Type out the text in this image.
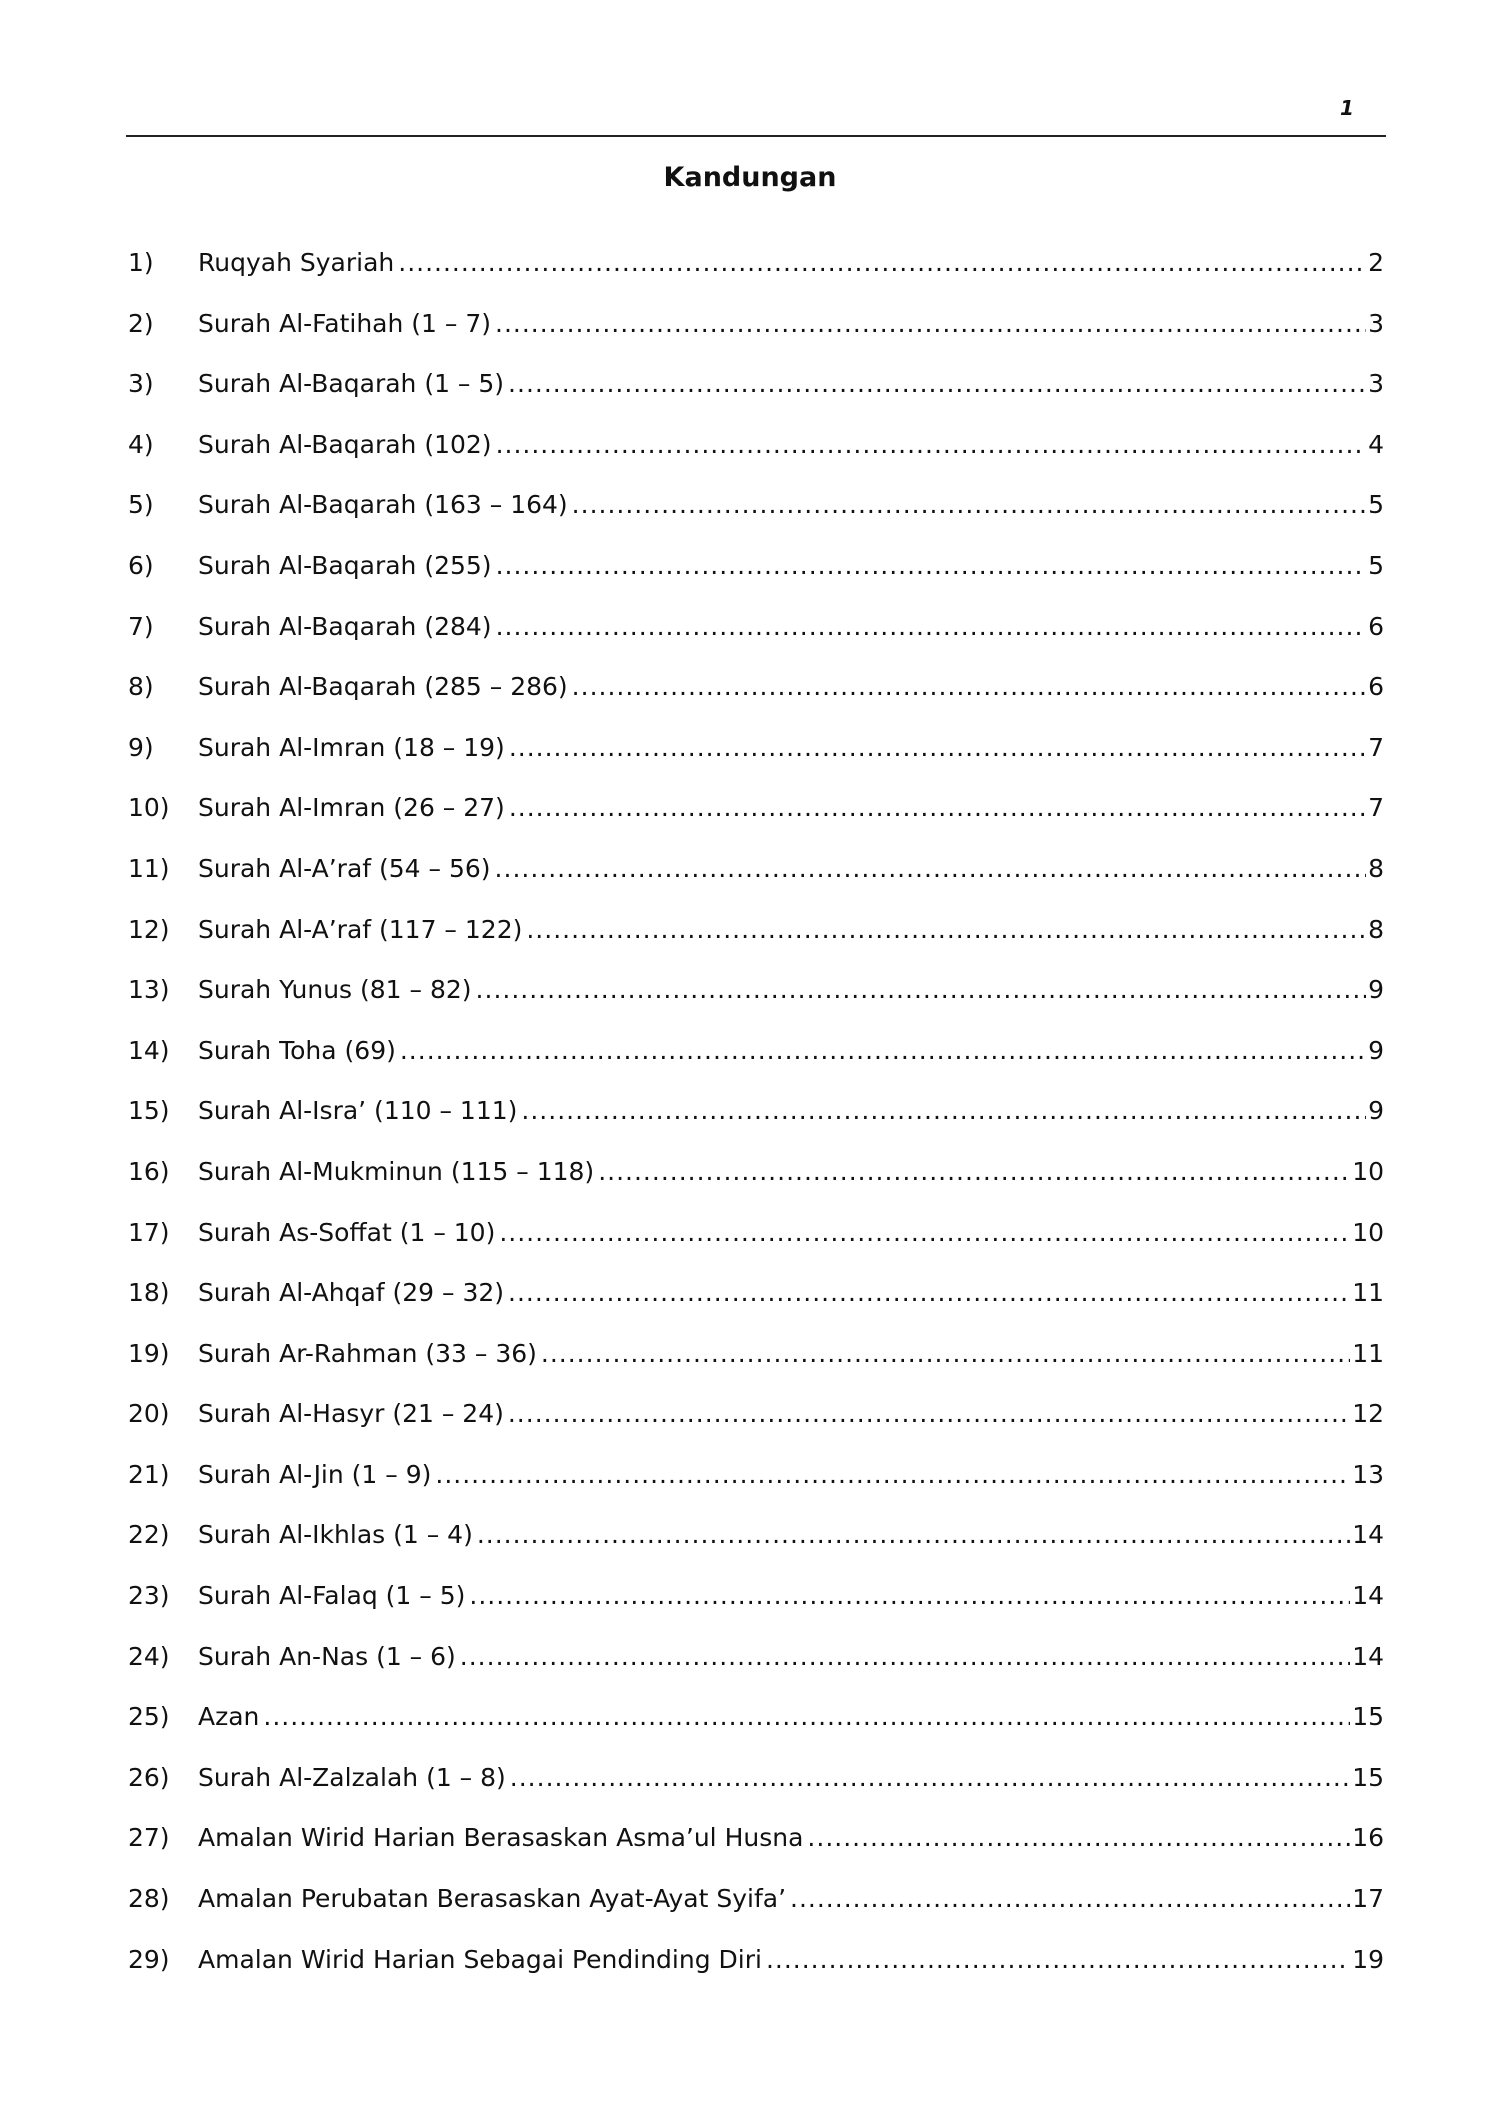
1
Kandungan
1)	Ruqyah Syariah .....	2
2)	Surah Al-Fatihah (1 – 7) .....	3
3)	Surah Al-Baqarah (1 – 5) .....	3
4)	Surah Al-Baqarah (102) .....	4
5)	Surah Al-Baqarah (163 – 164) .....	5
6)	Surah Al-Baqarah (255) .....	5
7)	Surah Al-Baqarah (284) .....	6
8)	Surah Al-Baqarah (285 – 286) .....	6
9)	Surah Al-Imran (18 – 19) .....	7
10)	Surah Al-Imran (26 – 27) .....	7
11)	Surah Al-A’raf (54 – 56) .....	8
12)	Surah Al-A’raf (117 – 122) .....	8
13)	Surah Yunus (81 – 82) .....	9
14)	Surah Toha (69) .....	9
15)	Surah Al-Isra’ (110 – 111) .....	9
16)	Surah Al-Mukminun (115 – 118) .....	10
17)	Surah As-Soffat (1 – 10) .....	10
18)	Surah Al-Ahqaf (29 – 32) .....	11
19)	Surah Ar-Rahman (33 – 36) .....	11
20)	Surah Al-Hasyr (21 – 24) .....	12
21)	Surah Al-Jin (1 – 9) .....	13
22)	Surah Al-Ikhlas (1 – 4) .....	14
23)	Surah Al-Falaq (1 – 5) .....	14
24)	Surah An-Nas (1 – 6) .....	14
25)	Azan .....	15
26)	Surah Al-Zalzalah (1 – 8) .....	15
27)	Amalan Wirid Harian Berasaskan Asma’ul Husna .....	16
28)	Amalan Perubatan Berasaskan Ayat-Ayat Syifa’ .....	17
29)	Amalan Wirid Harian Sebagai Pendinding Diri .....	19
